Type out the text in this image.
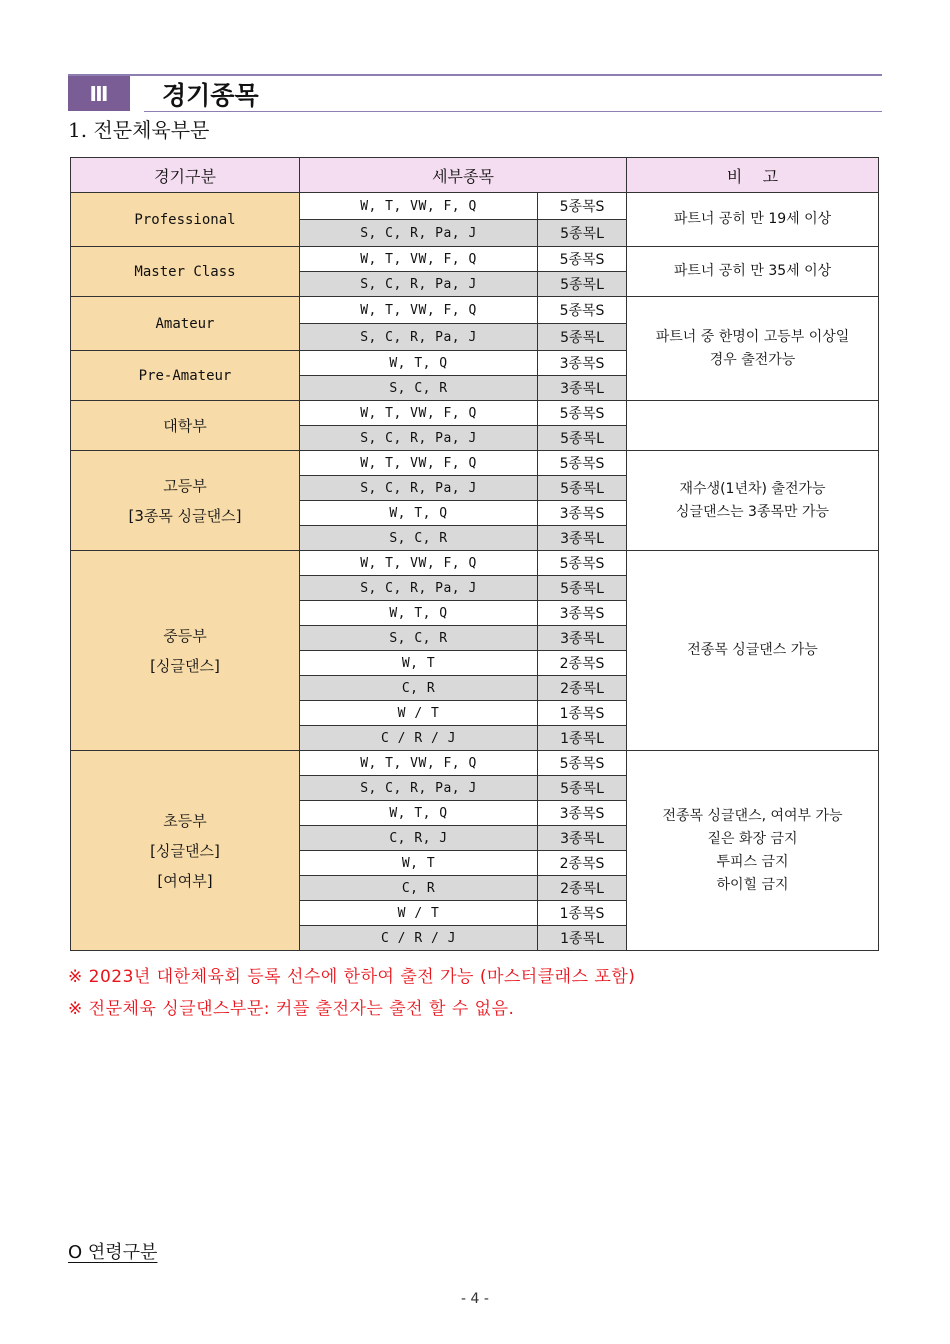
Ⅲ	경기종목
1. 전문체육부문
경기구분	세부종목		비    고

Professional	W, T, VW, F, Q	5종목S	파트너 공히 만 19세 이상

	S, C, R, Pa, J	5종목L	

Master Class	W, T, VW, F, Q	5종목S	파트너 공히 만 35세 이상

	S, C, R, Pa, J	5종목L	

Amateur	W, T, VW, F, Q	5종목S	파트너 중 한명이 고등부 이상일
경우 출전가능

	S, C, R, Pa, J	5종목L	

Pre-Amateur	W, T, Q	3종목S	
	S, C, R	3종목L	

대학부	W, T, VW, F, Q	5종목S	
	S, C, R, Pa, J	5종목L	

고등부
[3종목 싱글댄스]	W, T, VW, F, Q	5종목S	재수생(1년차) 출전가능
싱글댄스는 3종목만 가능

	S, C, R, Pa, J	5종목L	
	W, T, Q	3종목S	
	S, C, R	3종목L	

중등부
[싱글댄스]	W, T, VW, F, Q	5종목S	전종목 싱글댄스 가능

	S, C, R, Pa, J	5종목L	
	W, T, Q	3종목S	
	S, C, R	3종목L	
	W, T	2종목S	
	C, R	2종목L	
	W / T	1종목S	
	C / R / J	1종목L	

초등부
[싱글댄스]
[여여부]	W, T, VW, F, Q	5종목S	전종목 싱글댄스, 여여부 가능
짙은 화장 금지
투피스 금지
하이힐 금지

	S, C, R, Pa, J	5종목L	
	W, T, Q	3종목S	
	C, R, J	3종목L	
	W, T	2종목S	
	C, R	2종목L	
	W / T	1종목S	
	C / R / J	1종목L	
※ 2023년 대한체육회 등록 선수에 한하여 출전 가능 (마스터클래스 포함)
※ 전문체육 싱글댄스부문: 커플 출전자는 출전 할 수 없음.
O 연령구분
- 4 -
